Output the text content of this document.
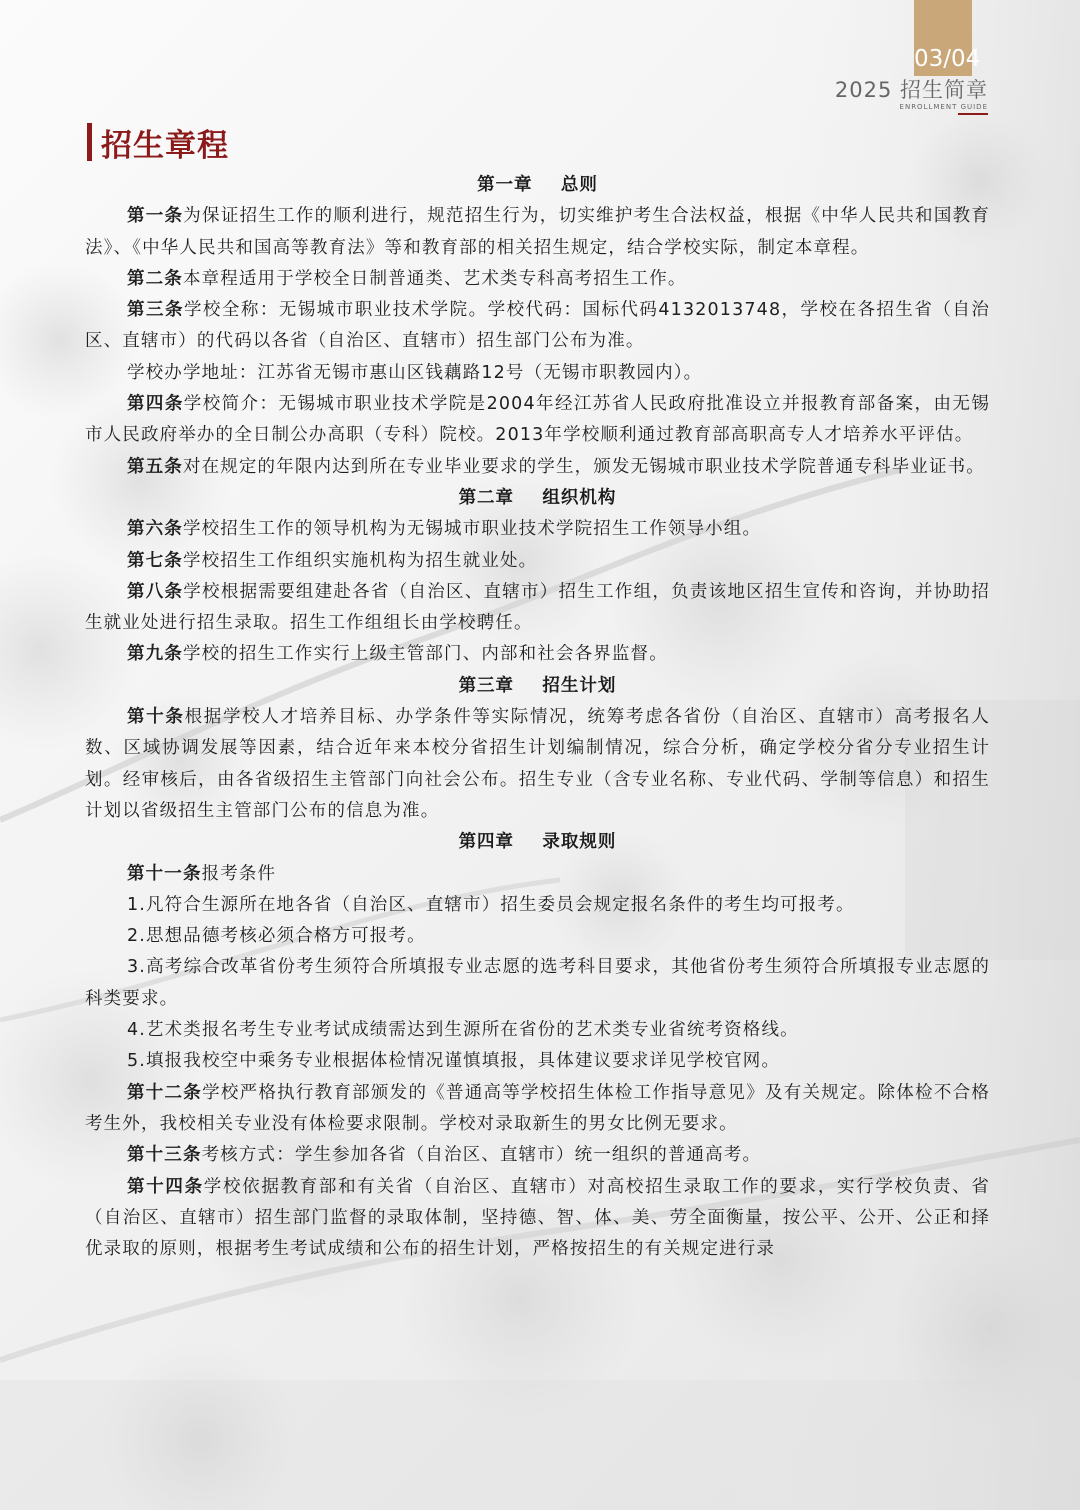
03/04
2025 招生简章
ENROLLMENT GUIDE
招生章程
第一章    总则

第一条为保证招生工作的顺利进行，规范招生行为，切实维护考生合法权益，根据《中华人民共和国教育法》、《中华人民共和国高等教育法》等和教育部的相关招生规定，结合学校实际，制定本章程。

第二条本章程适用于学校全日制普通类、艺术类专科高考招生工作。

第三条学校全称：无锡城市职业技术学院。学校代码：国标代码4132013748，学校在各招生省（自治区、直辖市）的代码以各省（自治区、直辖市）招生部门公布为准。

学校办学地址：江苏省无锡市惠山区钱藕路12号（无锡市职教园内）。

第四条学校简介：无锡城市职业技术学院是2004年经江苏省人民政府批准设立并报教育部备案，由无锡市人民政府举办的全日制公办高职（专科）院校。2013年学校顺利通过教育部高职高专人才培养水平评估。

第五条对在规定的年限内达到所在专业毕业要求的学生，颁发无锡城市职业技术学院普通专科毕业证书。

第二章    组织机构

第六条学校招生工作的领导机构为无锡城市职业技术学院招生工作领导小组。

第七条学校招生工作组织实施机构为招生就业处。

第八条学校根据需要组建赴各省（自治区、直辖市）招生工作组，负责该地区招生宣传和咨询，并协助招生就业处进行招生录取。招生工作组组长由学校聘任。

第九条学校的招生工作实行上级主管部门、内部和社会各界监督。

第三章    招生计划

第十条根据学校人才培养目标、办学条件等实际情况，统筹考虑各省份（自治区、直辖市）高考报名人数、区域协调发展等因素，结合近年来本校分省招生计划编制情况，综合分析，确定学校分省分专业招生计划。经审核后，由各省级招生主管部门向社会公布。招生专业（含专业名称、专业代码、学制等信息）和招生计划以省级招生主管部门公布的信息为准。

第四章    录取规则

第十一条报考条件

1.凡符合生源所在地各省（自治区、直辖市）招生委员会规定报名条件的考生均可报考。

2.思想品德考核必须合格方可报考。

3.高考综合改革省份考生须符合所填报专业志愿的选考科目要求，其他省份考生须符合所填报专业志愿的科类要求。

4.艺术类报名考生专业考试成绩需达到生源所在省份的艺术类专业省统考资格线。

5.填报我校空中乘务专业根据体检情况谨慎填报，具体建议要求详见学校官网。

第十二条学校严格执行教育部颁发的《普通高等学校招生体检工作指导意见》及有关规定。除体检不合格考生外，我校相关专业没有体检要求限制。学校对录取新生的男女比例无要求。

第十三条考核方式：学生参加各省（自治区、直辖市）统一组织的普通高考。

第十四条学校依据教育部和有关省（自治区、直辖市）对高校招生录取工作的要求，实行学校负责、省（自治区、直辖市）招生部门监督的录取体制，坚持德、智、体、美、劳全面衡量，按公平、公开、公正和择优录取的原则，根据考生考试成绩和公布的招生计划，严格按招生的有关规定进行录
